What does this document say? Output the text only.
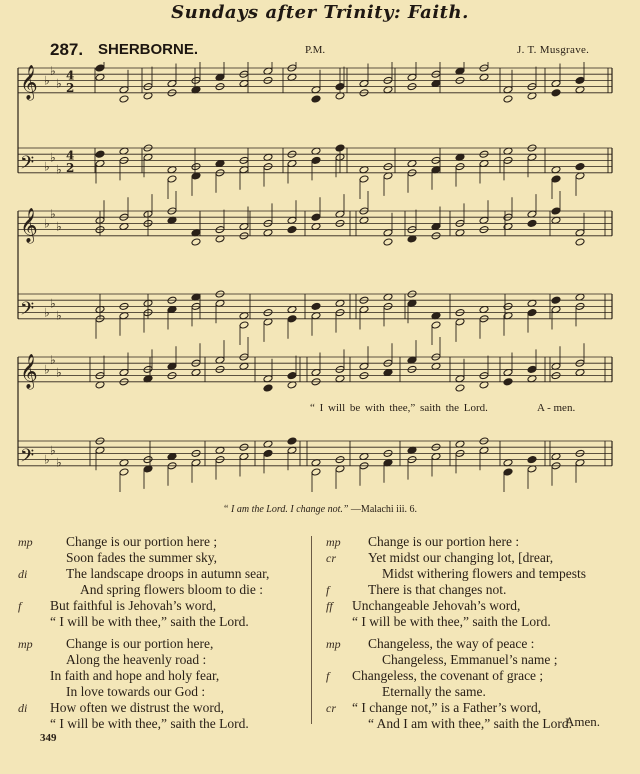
Sundays after Trinity: Faith.
287. SHERBORNE.	P.M.	J. T. Musgrave.
𝄞 ♭
♭
♭
4
2
𝄢 ♭
♭
♭
4
2
𝄞 ♭
♭
♭
𝄢 ♭
♭
♭
𝄞 ♭
♭
♭
𝄢 ♭
♭
♭
“ I will be with thee,” saith the Lord.	A - men.
“ I am the Lord. I change not.” —Malachi iii. 6.
mp	Change is our portion here ;
Soon fades the summer sky,
di	The landscape droops in autumn sear,
And spring flowers bloom to die :
f	But faithful is Jehovah’s word,
“ I will be with thee,” saith the Lord.
mp	Change is our portion here,
Along the heavenly road :
In faith and hope and holy fear,
In love towards our God :
di	How often we distrust the word,
“ I will be with thee,” saith the Lord.
mp	Change is our portion here :
cr	Yet midst our changing lot, [drear,
Midst withering flowers and tempests
f	There is that changes not.
ff	Unchangeable Jehovah’s word,
“ I will be with thee,” saith the Lord.
mp	Changeless, the way of peace :
Changeless, Emmanuel’s name ;
f	Changeless, the covenant of grace ;
Eternally the same.
cr	“ I change not,” is a Father’s word,
“ And I am with thee,” saith the Lord.
Amen.
349
